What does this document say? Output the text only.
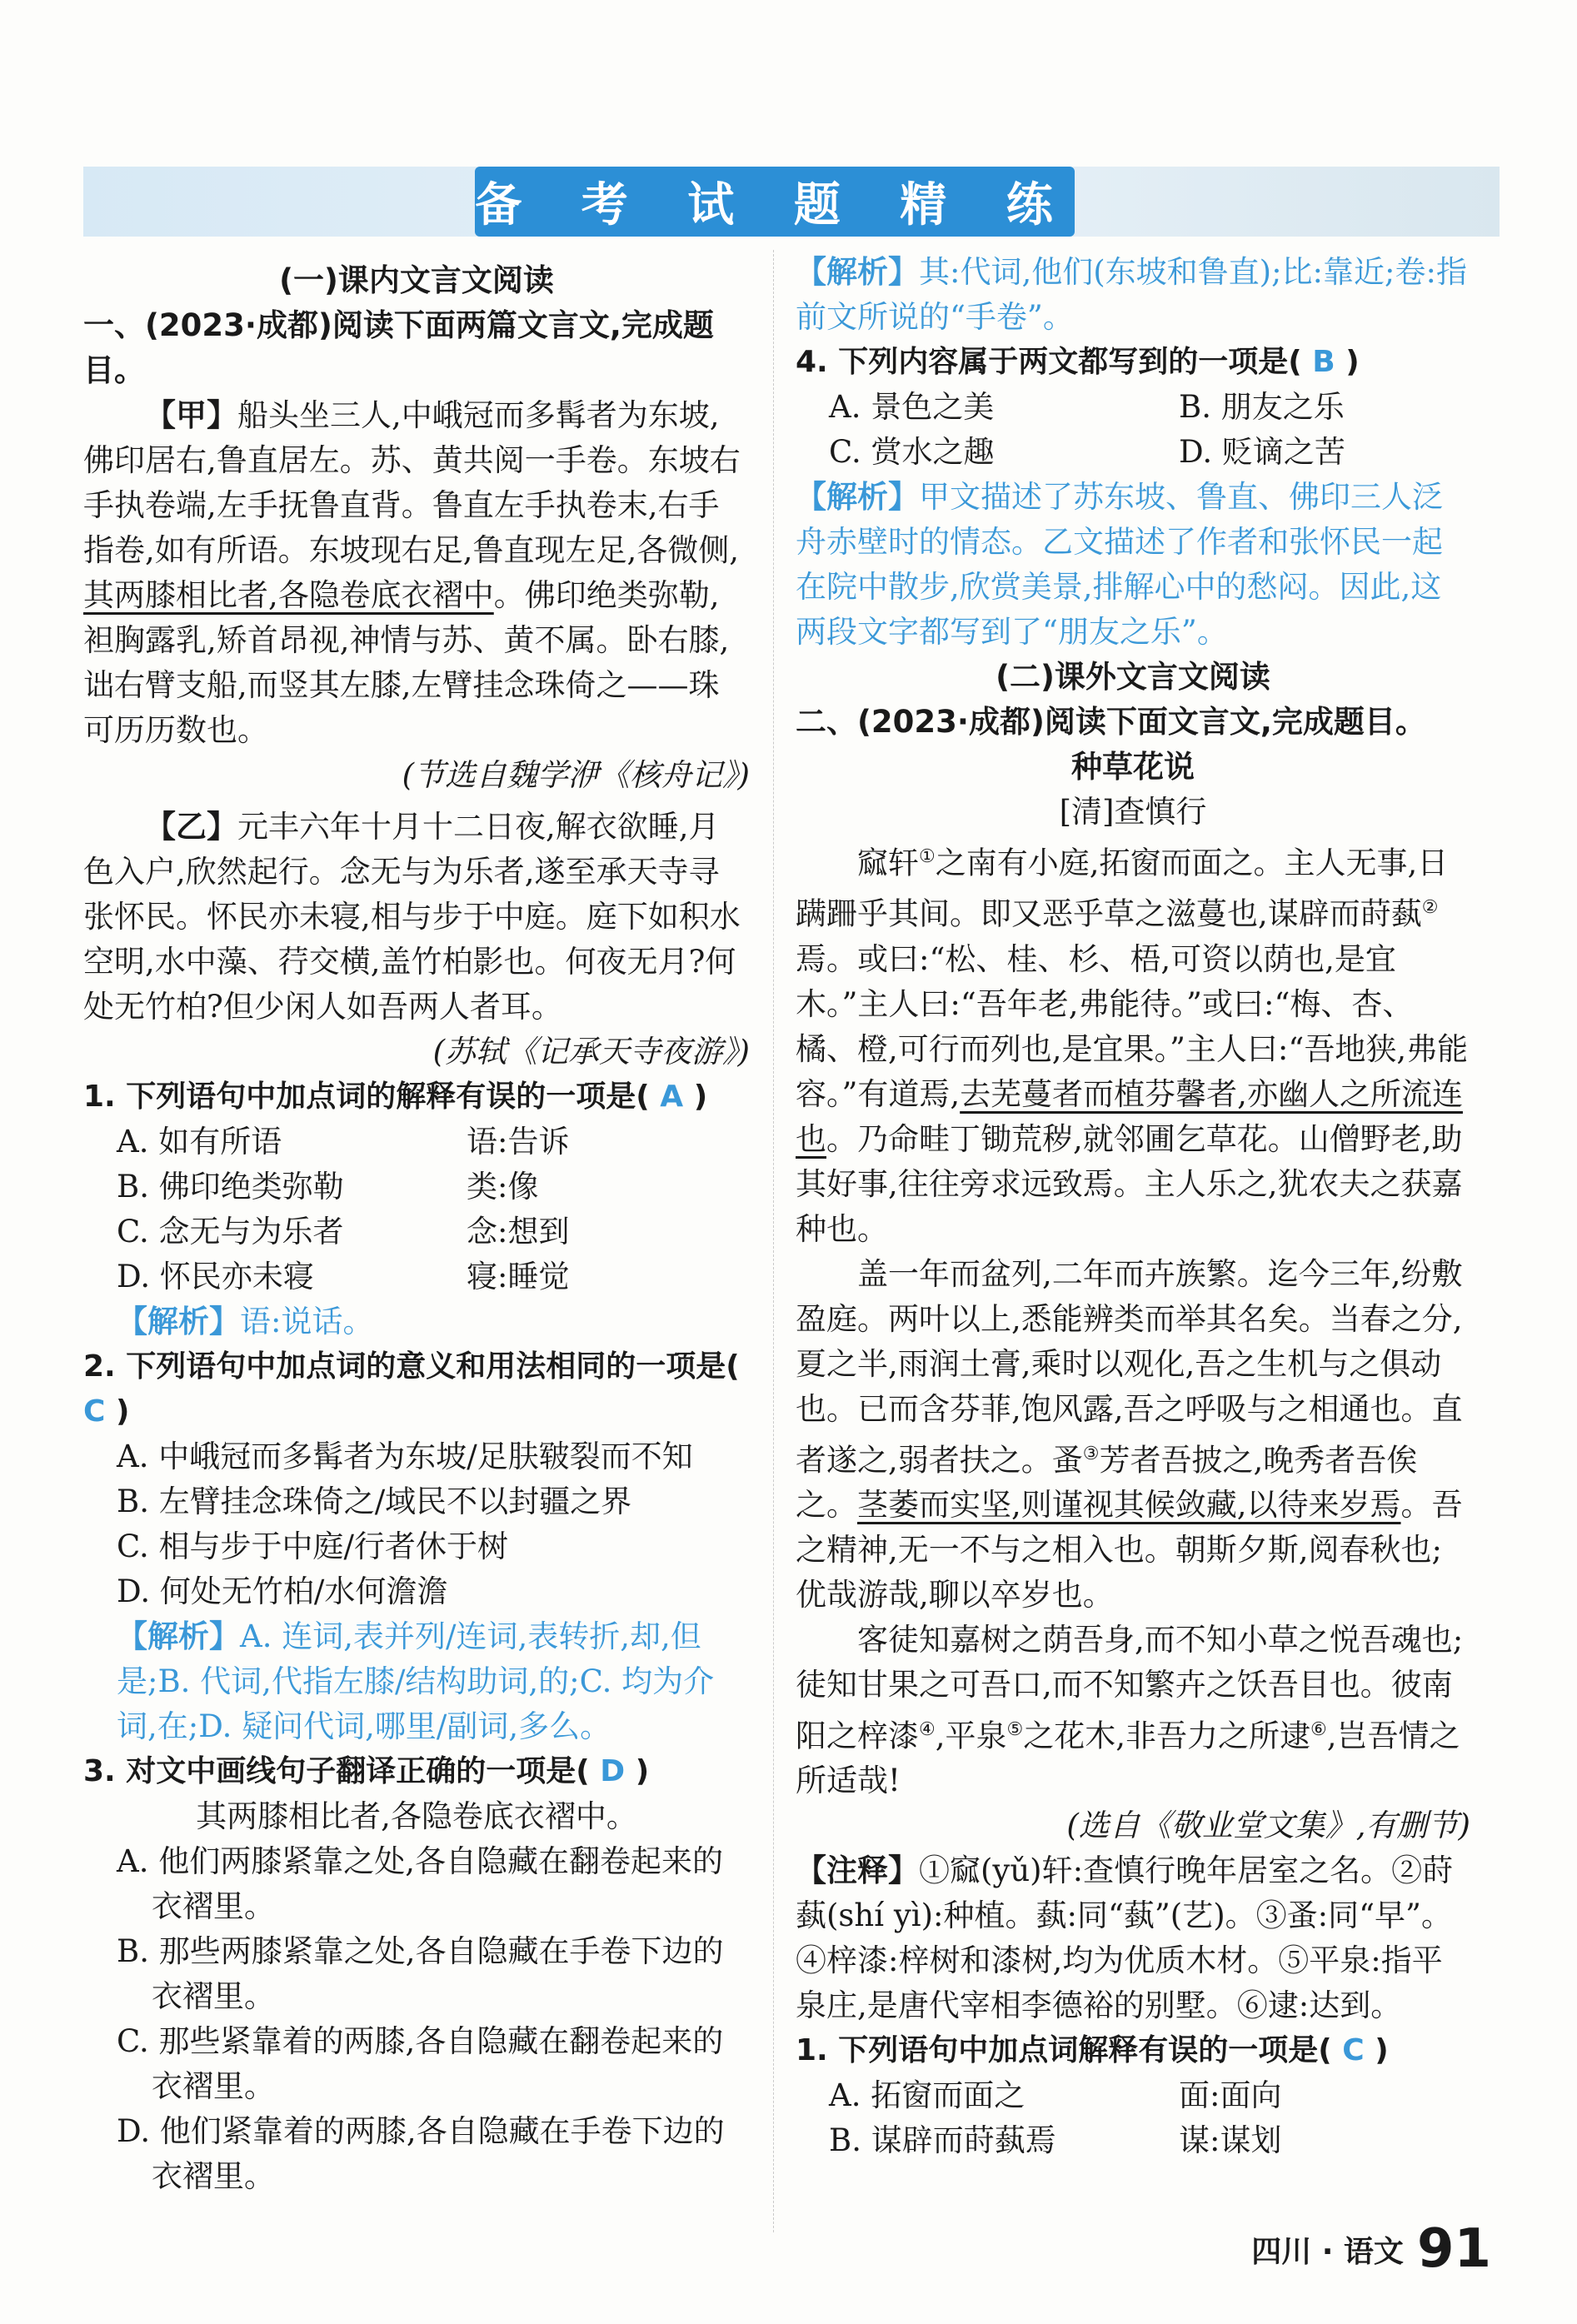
备 考 试 题 精 练

(一)课内文言文阅读

一、(2023·成都)阅读下面两篇文言文,完成题目。

【甲】船头坐三人,中峨冠而多髯者为东坡,佛印居右,鲁直居左。苏、黄共阅一手卷。东坡右手执卷端,左手抚鲁直背。鲁直左手执卷末,右手指卷,如有所语。东坡现右足,鲁直现左足,各微侧,其两膝相比者,各隐卷底衣褶中。佛印绝类弥勒,袒胸露乳,矫首昂视,神情与苏、黄不属。卧右膝,诎右臂支船,而竖其左膝,左臂挂念珠倚之——珠可历历数也。

(节选自魏学洢《核舟记》)

【乙】元丰六年十月十二日夜,解衣欲睡,月色入户,欣然起行。念无与为乐者,遂至承天寺寻张怀民。怀民亦未寝,相与步于中庭。庭下如积水空明,水中藻、荇交横,盖竹柏影也。何夜无月?何处无竹柏?但少闲人如吾两人者耳。

(苏轼《记承天寺夜游》)

1. 下列语句中加点词的解释有误的一项是( A )

A. 如有所语	语:告诉
B. 佛印绝类弥勒	类:像
C. 念无与为乐者	念:想到
D. 怀民亦未寝	寝:睡觉

【解析】语:说话。

2. 下列语句中加点词的意义和用法相同的一项是( C )

A. 中峨冠而多髯者为东坡/足肤皲裂而不知

B. 左臂挂念珠倚之/域民不以封疆之界

C. 相与步于中庭/行者休于树

D. 何处无竹柏/水何澹澹

【解析】A. 连词,表并列/连词,表转折,却,但是;B. 代词,代指左膝/结构助词,的;C. 均为介词,在;D. 疑问代词,哪里/副词,多么。

3. 对文中画线句子翻译正确的一项是( D )

其两膝相比者,各隐卷底衣褶中。

A. 他们两膝紧靠之处,各自隐藏在翻卷起来的衣褶里。

B. 那些两膝紧靠之处,各自隐藏在手卷下边的衣褶里。

C. 那些紧靠着的两膝,各自隐藏在翻卷起来的衣褶里。

D. 他们紧靠着的两膝,各自隐藏在手卷下边的衣褶里。

【解析】其:代词,他们(东坡和鲁直);比:靠近;卷:指前文所说的“手卷”。

4. 下列内容属于两文都写到的一项是( B )

A. 景色之美	B. 朋友之乐
C. 赏水之趣	D. 贬谪之苦

【解析】甲文描述了苏东坡、鲁直、佛印三人泛舟赤壁时的情态。乙文描述了作者和张怀民一起在院中散步,欣赏美景,排解心中的愁闷。因此,这两段文字都写到了“朋友之乐”。

(二)课外文言文阅读

二、(2023·成都)阅读下面文言文,完成题目。

种草花说

[清]查慎行

窳轩①之南有小庭,拓窗而面之。主人无事,日蹒跚乎其间。即又恶乎草之滋蔓也,谋辟而莳蓺②焉。或曰:“松、桂、杉、梧,可资以荫也,是宜木。”主人曰:“吾年老,弗能待。”或曰:“梅、杏、橘、橙,可行而列也,是宜果。”主人曰:“吾地狭,弗能容。”有道焉,去芜蔓者而植芬馨者,亦幽人之所流连也。乃命畦丁锄荒秽,就邻圃乞草花。山僧野老,助其好事,往往旁求远致焉。主人乐之,犹农夫之获嘉种也。

盖一年而盆列,二年而卉族繁。迄今三年,纷敷盈庭。两叶以上,悉能辨类而举其名矣。当春之分,夏之半,雨润土膏,乘时以观化,吾之生机与之俱动也。已而含芬菲,饱风露,吾之呼吸与之相通也。直者遂之,弱者扶之。蚤③芳者吾披之,晚秀者吾俟之。茎萎而实坚,则谨视其候敛藏,以待来岁焉。吾之精神,无一不与之相入也。朝斯夕斯,阅春秋也;优哉游哉,聊以卒岁也。

客徒知嘉树之荫吾身,而不知小草之悦吾魂也;徒知甘果之可吾口,而不知繁卉之饫吾目也。彼南阳之梓漆④,平泉⑤之花木,非吾力之所逮⑥,岂吾情之所适哉!

(选自《敬业堂文集》,有删节)

【注释】①窳(yǔ)轩:查慎行晚年居室之名。②莳蓺(shí yì):种植。蓺:同“蓺”(艺)。③蚤:同“早”。④梓漆:梓树和漆树,均为优质木材。⑤平泉:指平泉庄,是唐代宰相李德裕的别墅。⑥逮:达到。

1. 下列语句中加点词解释有误的一项是( C )

A. 拓窗而面之	面:面向
B. 谋辟而莳蓺焉	谋:谋划
四川 · 语文 91
